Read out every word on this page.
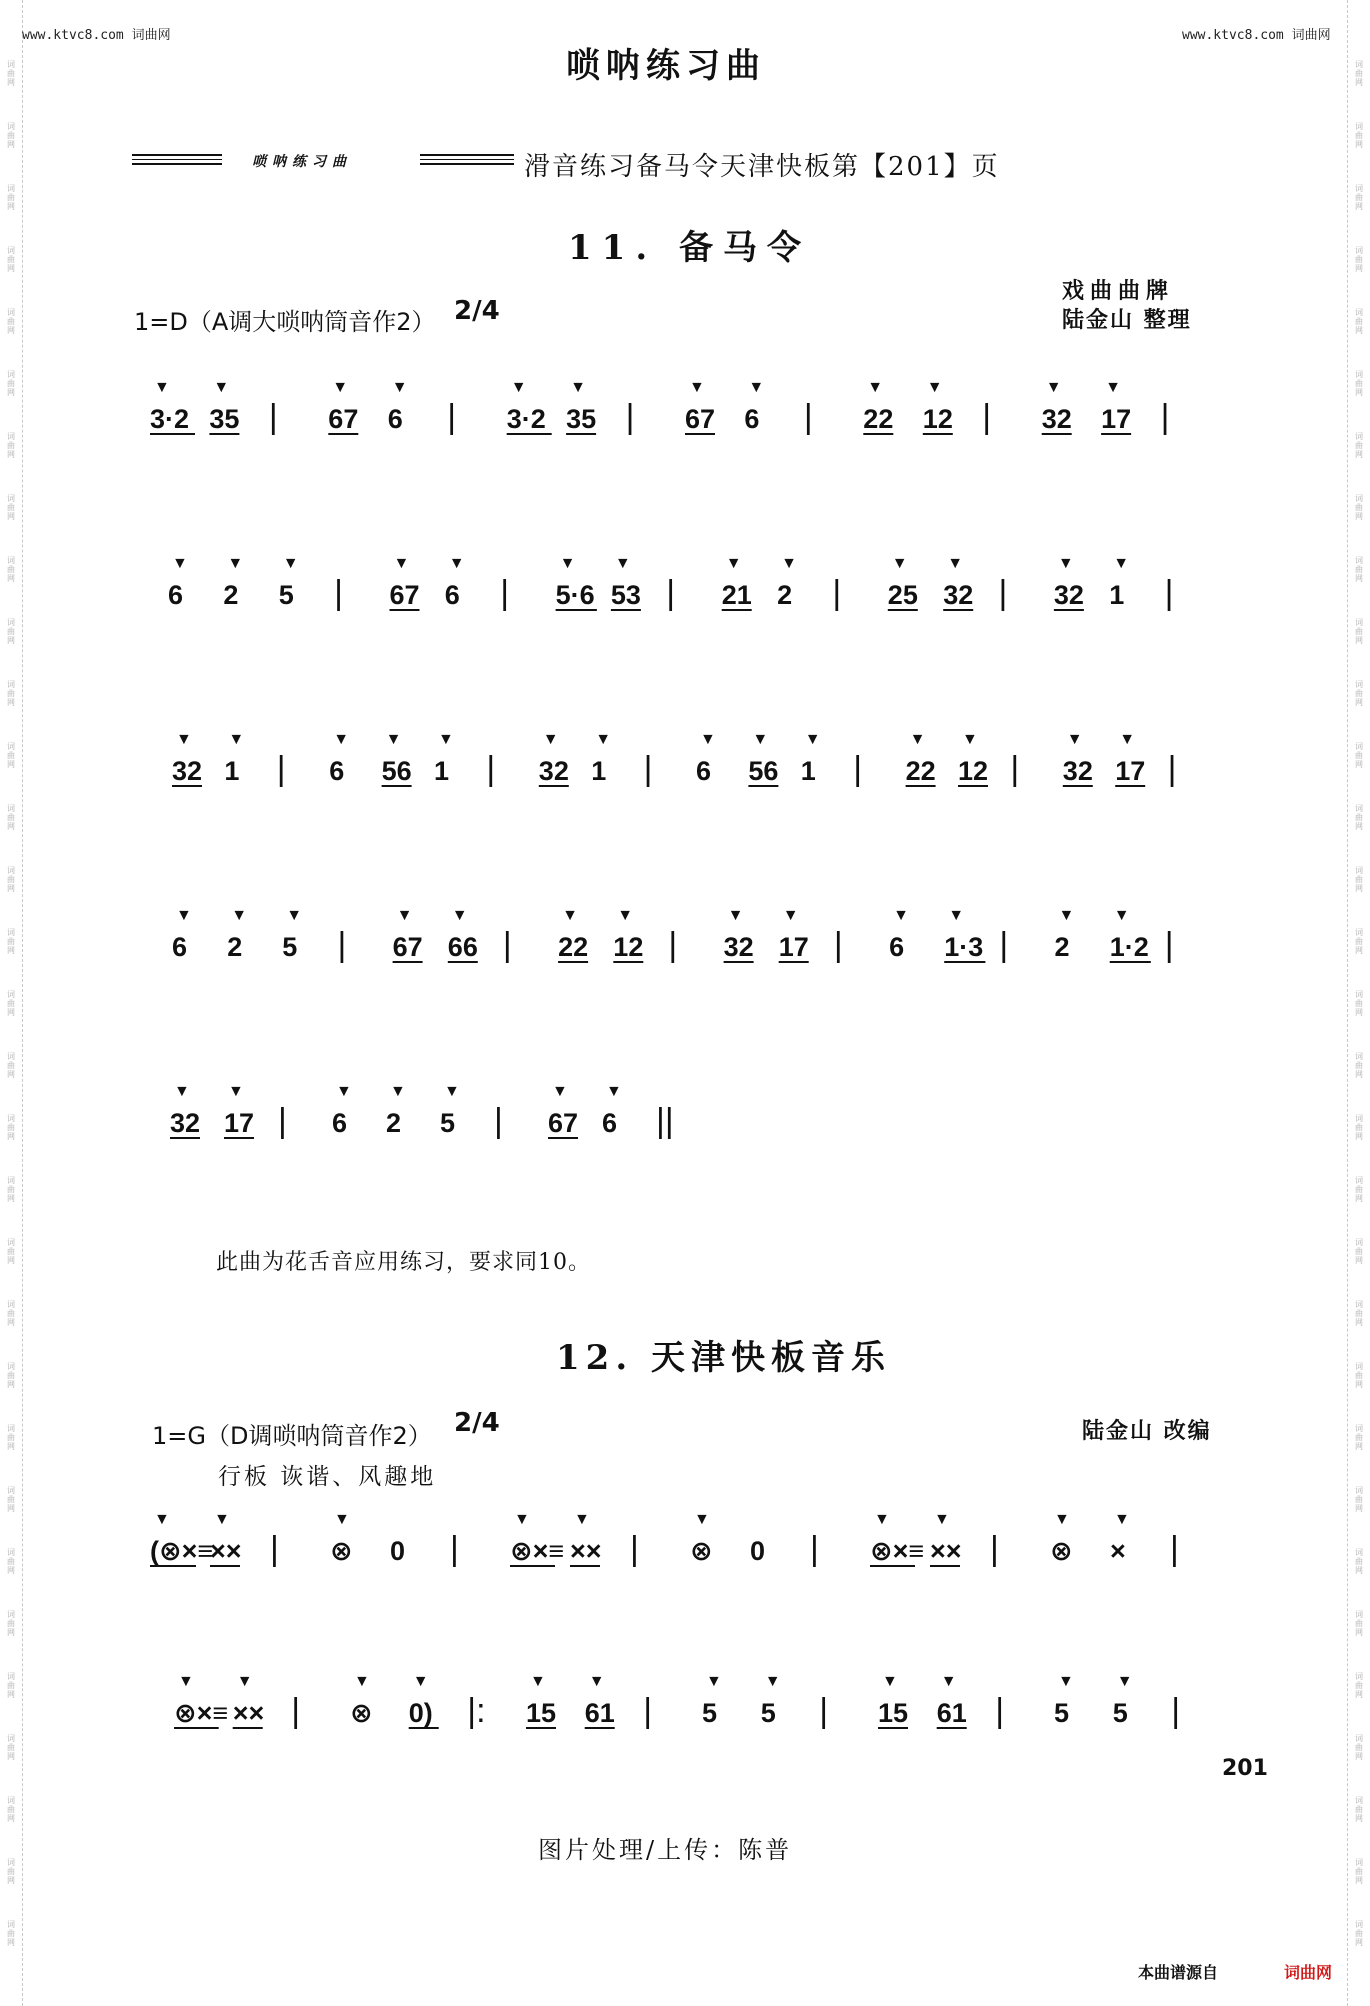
词
曲
网
词
曲
网
词
曲
网
词
曲
网
词
曲
网
词
曲
网
词
曲
网
词
曲
网
词
曲
网
词
曲
网
词
曲
网
词
曲
网
词
曲
网
词
曲
网
词
曲
网
词
曲
网
词
曲
网
词
曲
网
词
曲
网
词
曲
网
词
曲
网
词
曲
网
词
曲
网
词
曲
网
词
曲
网
词
曲
网
词
曲
网
词
曲
网
词
曲
网
词
曲
网
词
曲
网
词
曲
网
词
曲
网
词
曲
网
词
曲
网
词
曲
网
词
曲
网
词
曲
网
词
曲
网
词
曲
网
词
曲
网
词
曲
网
词
曲
网
词
曲
网
词
曲
网
词
曲
网
词
曲
网
词
曲
网
词
曲
网
词
曲
网
词
曲
网
词
曲
网
词
曲
网
词
曲
网
词
曲
网
词
曲
网
词
曲
网
词
曲
网
词
曲
网
词
曲
网
词
曲
网
词
曲
网
www.ktvc8.com 词曲网	www.ktvc8.com 词曲网
唢呐练习曲
唢呐练习曲	滑音练习备马令天津快板第【201】页
11. 备马令
1=D（A调大唢呐筒音作2） 2/4
戏曲曲牌
陆金山 整理
3·2
▼
35
▼
| 67
▼
6
▼
| 3·2
▼
35
▼
| 67
▼
6
▼
| 22
▼
12
▼
| 32
▼
17
▼
|
6
▼
2
▼
5
▼
| 67
▼
6
▼
| 5·6
▼
53
▼
| 21
▼
2
▼
| 25
▼
32
▼
| 32
▼
1
▼
|
32
▼
1
▼
| 6
▼
56
▼
1
▼
| 32
▼
1
▼
| 6
▼
56
▼
1
▼
| 22
▼
12
▼
| 32
▼
17
▼
|
6
▼
2
▼
5
▼
| 67
▼
66
▼
| 22
▼
12
▼
| 32
▼
17
▼
| 6
▼
1·3
▼
| 2
▼
1·2
▼
|
32
▼
17
▼
| 6
▼
2
▼
5
▼
| 67
▼
6
▼
||
(⊗×≡
▼
××
▼
| ⊗
▼
0 | ⊗×≡
▼
××
▼
| ⊗
▼
0 | ⊗×≡
▼
××
▼
| ⊗
▼
×
▼
|
⊗×≡
▼
××
▼
| ⊗
▼
0)
▼
|: 15
▼
61
▼
| 5
▼
5
▼
| 15
▼
61
▼
| 5
▼
5
▼
|
此曲为花舌音应用练习，要求同10。
12. 天津快板音乐
1=G（D调唢呐筒音作2） 2/4	陆金山 改编
行板 诙谐、风趣地
201
图片处理/上传：陈普
本曲谱源自	词曲网
